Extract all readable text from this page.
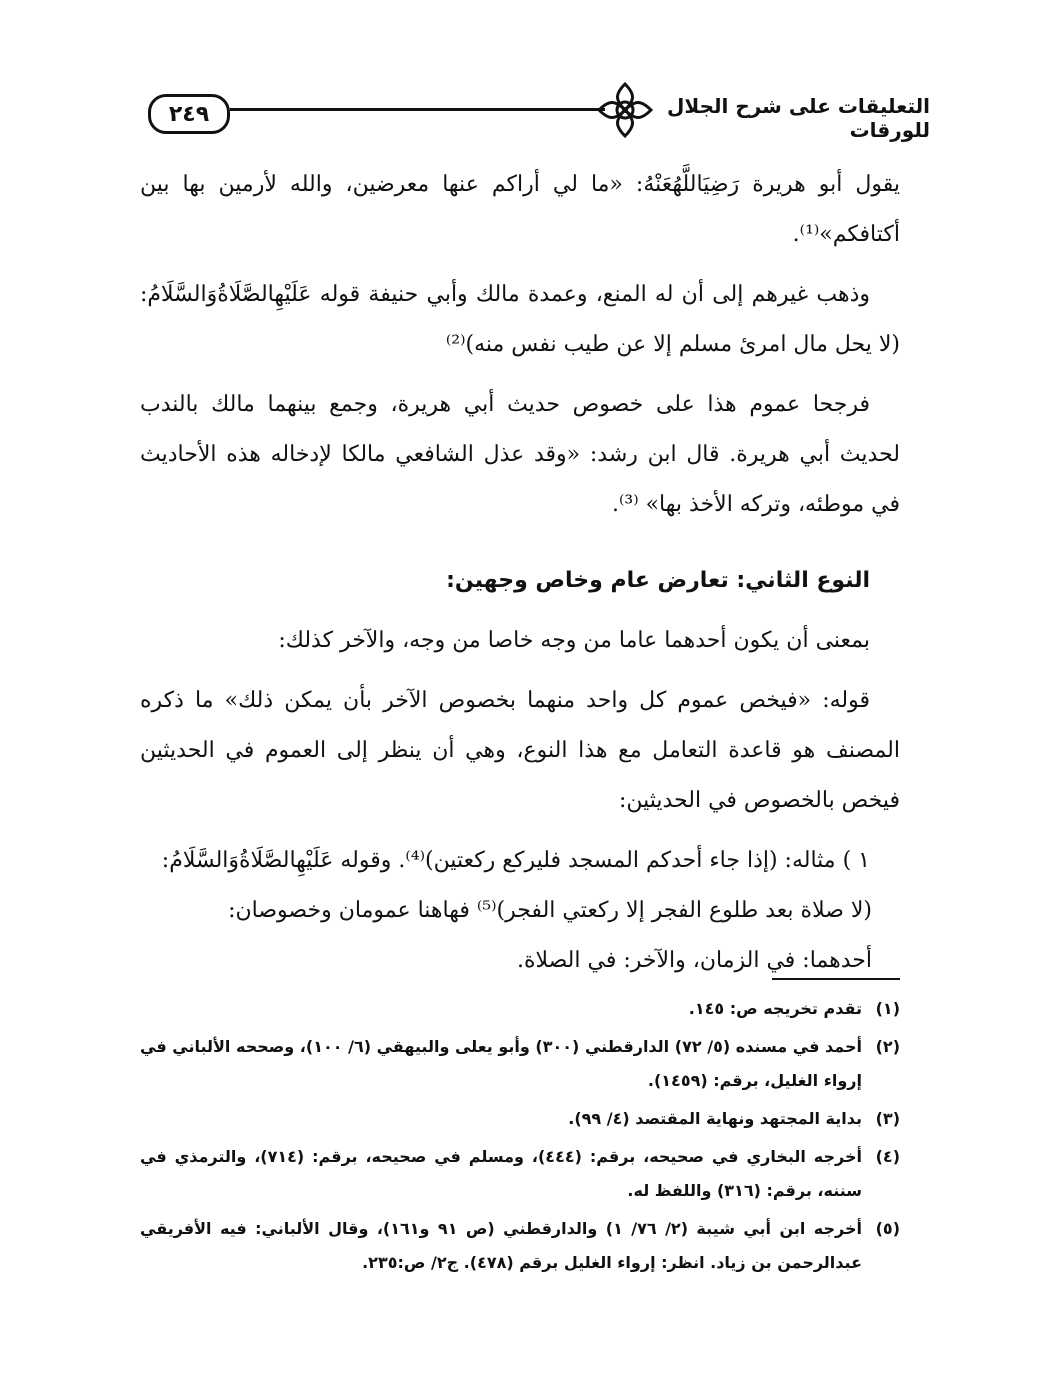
٢٤٩	التعليقات على شرح الجلال للورقات

يقول أبو هريرة رَضِيَاللَّهُعَنْهُ: «ما لي أراكم عنها معرضين، والله لأرمين بها بين أكتافكم»⁽¹⁾.

وذهب غيرهم إلى أن له المنع، وعمدة مالك وأبي حنيفة قوله عَلَيْهِالصَّلَاةُوَالسَّلَامُ: (لا يحل مال امرئ مسلم إلا عن طيب نفس منه)⁽²⁾

فرجحا عموم هذا على خصوص حديث أبي هريرة، وجمع بينهما مالك بالندب لحديث أبي هريرة. قال ابن رشد: «وقد عذل الشافعي مالكا لإدخاله هذه الأحاديث في موطئه، وتركه الأخذ بها» ⁽³⁾.

النوع الثاني: تعارض عام وخاص وجهين:

بمعنى أن يكون أحدهما عاما من وجه خاصا من وجه، والآخر كذلك:

قوله: «فيخص عموم كل واحد منهما بخصوص الآخر بأن يمكن ذلك» ما ذكره المصنف هو قاعدة التعامل مع هذا النوع، وهي أن ينظر إلى العموم في الحديثين فيخص بالخصوص في الحديثين:

١ ) مثاله: (إذا جاء أحدكم المسجد فليركع ركعتين)⁽⁴⁾. وقوله عَلَيْهِالصَّلَاةُوَالسَّلَامُ:

(لا صلاة بعد طلوع الفجر إلا ركعتي الفجر)⁽⁵⁾ فهاهنا عمومان وخصوصان:

أحدهما: في الزمان، والآخر: في الصلاة.

(١)
تقدم تخريجه ص: ١٤٥.
(٢)
أحمد في مسنده (٥/ ٧٢) الدارقطني (٣٠٠) وأبو يعلى والبيهقي (٦/ ١٠٠)، وصححه الألباني في إرواء الغليل، برقم: (١٤٥٩).
(٣)
بداية المجتهد ونهاية المقتصد (٤/ ٩٩).
(٤)
أخرجه البخاري في صحيحه، برقم: (٤٤٤)، ومسلم في صحيحه، برقم: (٧١٤)، والترمذي في سننه، برقم: (٣١٦) واللفظ له.
(٥)
أخرجه ابن أبي شيبة (٢/ ٧٦/ ١) والدارقطني (ص ٩١ و١٦١)، وقال الألباني: فيه الأفريقي عبدالرحمن بن زياد. انظر: إرواء الغليل برقم (٤٧٨). ج٢/ ص:٢٣٥.
